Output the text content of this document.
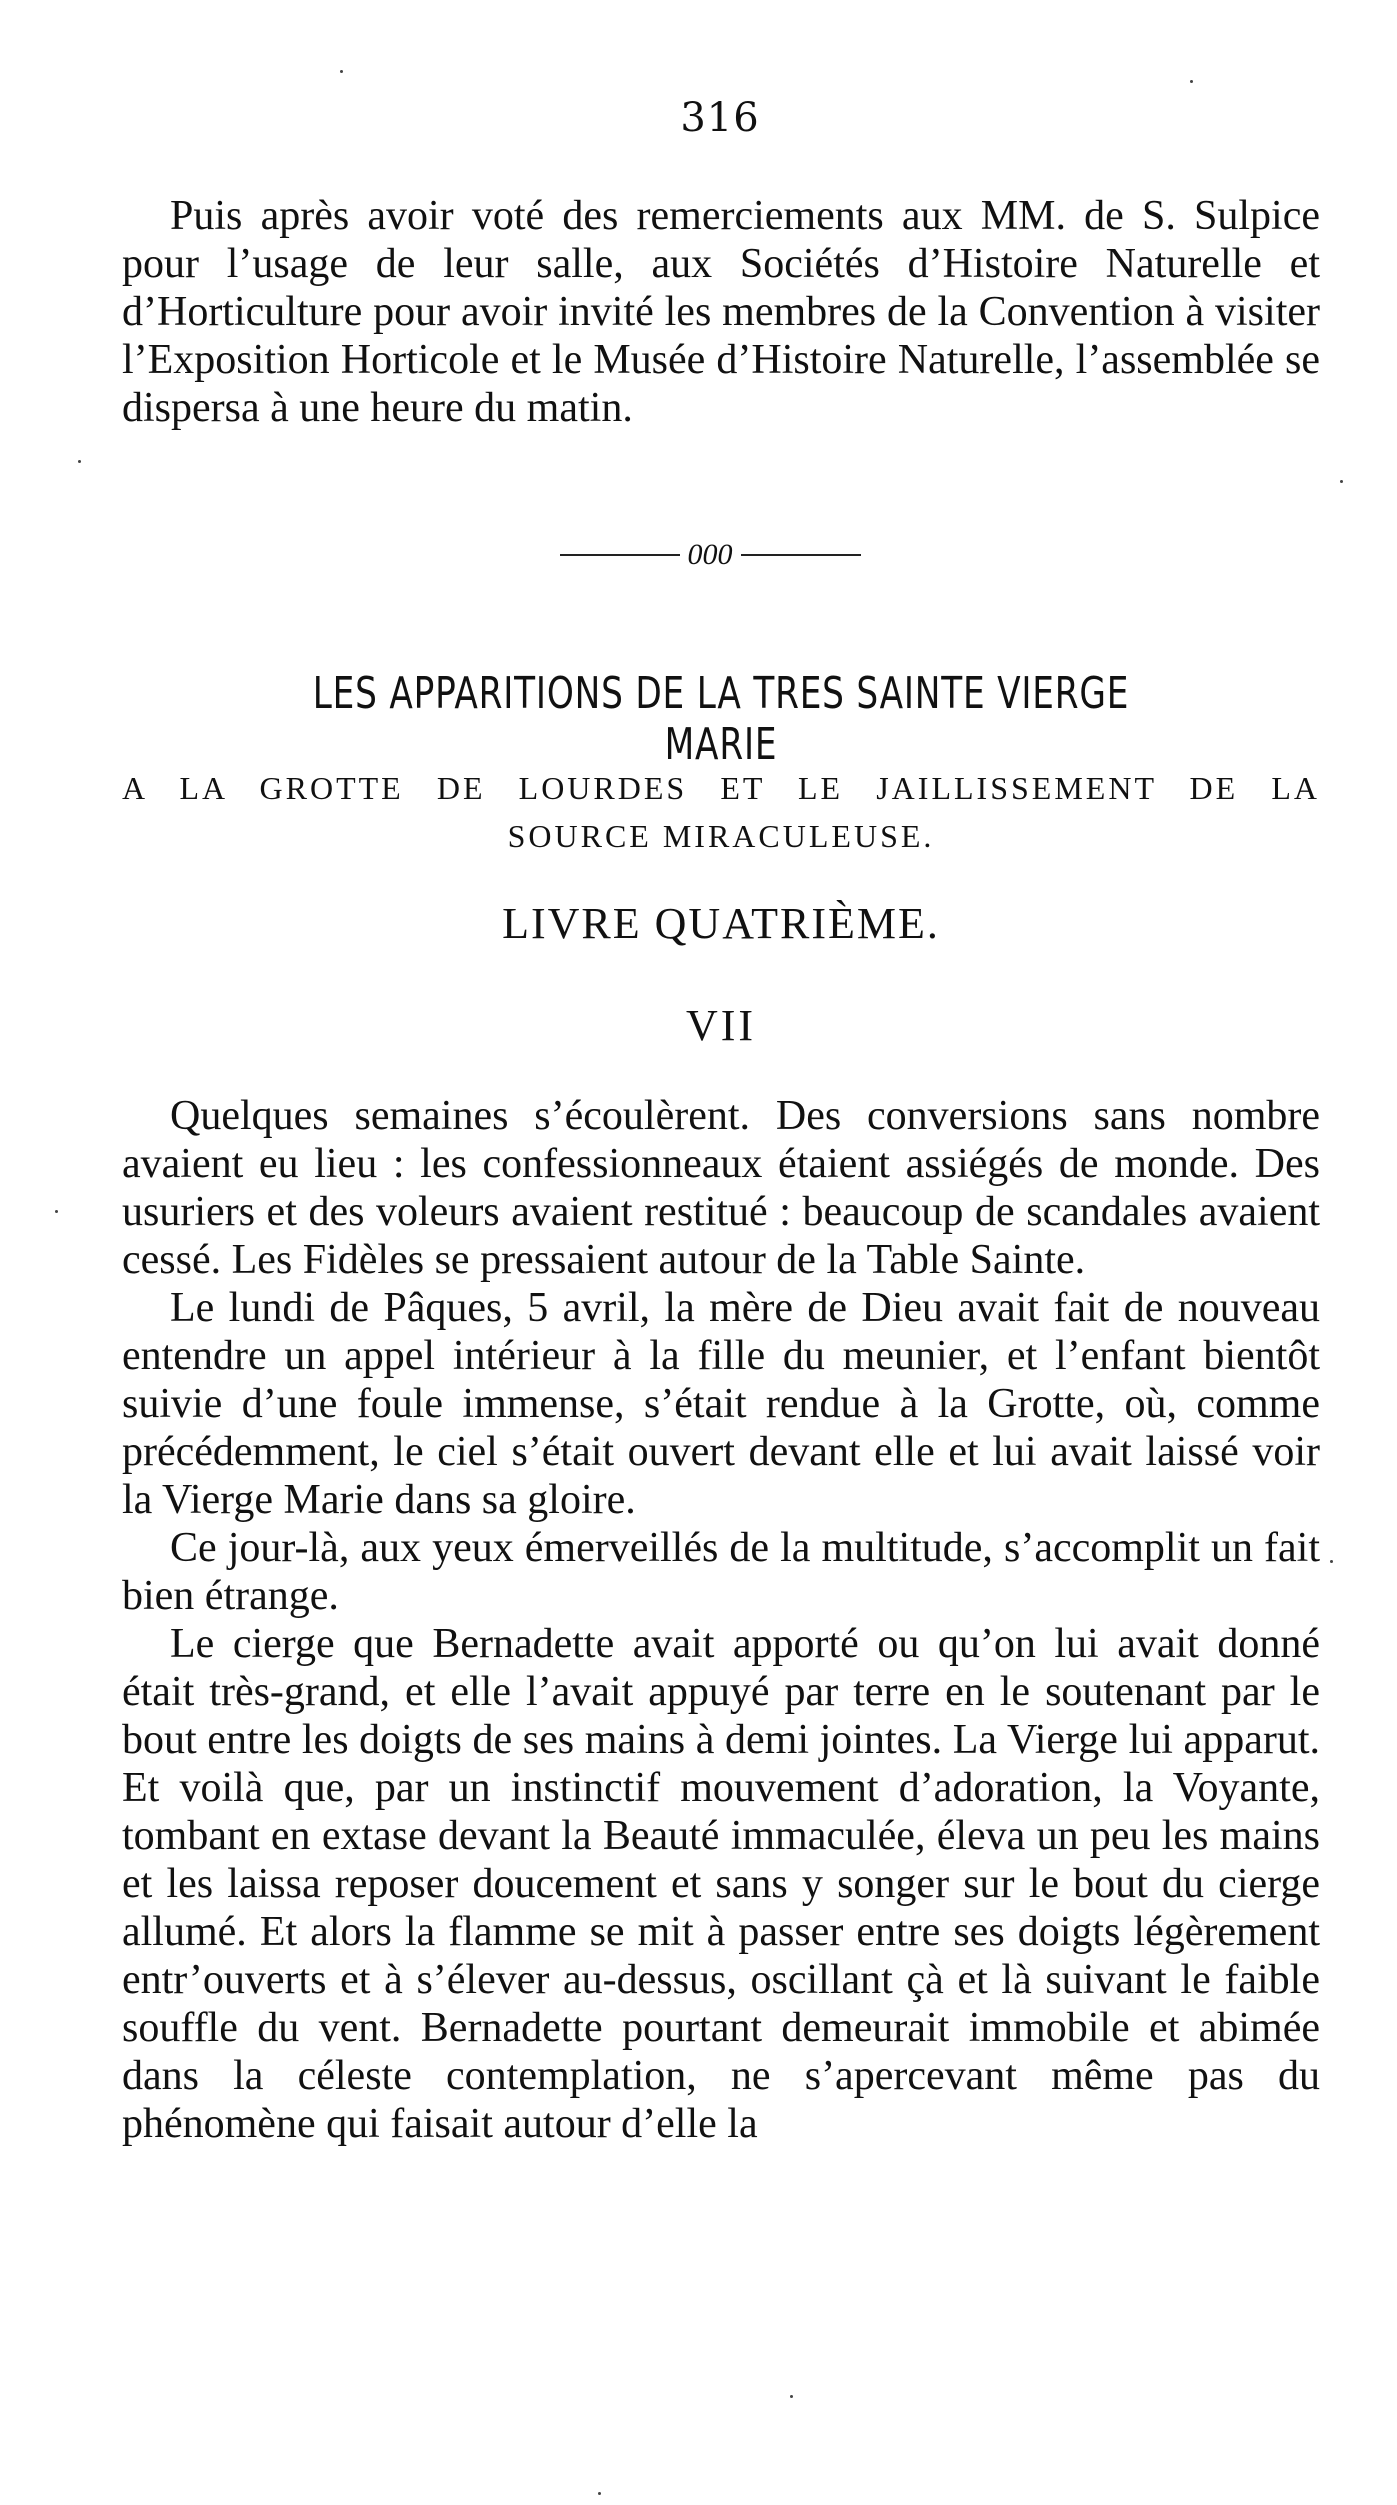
316

Puis après avoir voté des remerciements aux MM. de S. Sulpice pour l’usage de leur salle, aux Sociétés d’Histoire Naturelle et d’Horticulture pour avoir invité les membres de la Convention à visiter l’Exposition Horticole et le Musée d’Histoire Naturelle, l’assemblée se dispersa à une heure du matin.

000
LES APPARITIONS DE LA TRES SAINTE VIERGE MARIE
A LA GROTTE DE LOURDES ET LE JAILLISSEMENT DE LA
SOURCE MIRACULEUSE.
LIVRE QUATRIÈME.
VII

Quelques semaines s’écoulèrent. Des conversions sans nombre avaient eu lieu : les confessionneaux étaient assiégés de monde. Des usuriers et des voleurs avaient restitué : beaucoup de scandales avaient cessé. Les Fidèles se pressaient autour de la Table Sainte.

Le lundi de Pâques, 5 avril, la mère de Dieu avait fait de nouveau entendre un appel intérieur à la fille du meunier, et l’enfant bientôt suivie d’une foule immense, s’était rendue à la Grotte, où, comme précédemment, le ciel s’était ouvert devant elle et lui avait laissé voir la Vierge Marie dans sa gloire.

Ce jour-là, aux yeux émerveillés de la multitude, s’accomplit un fait bien étrange.

Le cierge que Bernadette avait apporté ou qu’on lui avait donné était très-grand, et elle l’avait appuyé par terre en le soutenant par le bout entre les doigts de ses mains à demi jointes. La Vierge lui apparut. Et voilà que, par un instinctif mouvement d’adoration, la Voyante, tombant en extase devant la Beauté immaculée, éleva un peu les mains et les laissa reposer doucement et sans y songer sur le bout du cierge allumé. Et alors la flamme se mit à passer entre ses doigts légèrement entr’ouverts et à s’élever au-dessus, oscillant çà et là suivant le faible souffle du vent. Bernadette pourtant demeurait immobile et abimée dans la céleste contemplation, ne s’apercevant même pas du phénomène qui faisait autour d’elle la
